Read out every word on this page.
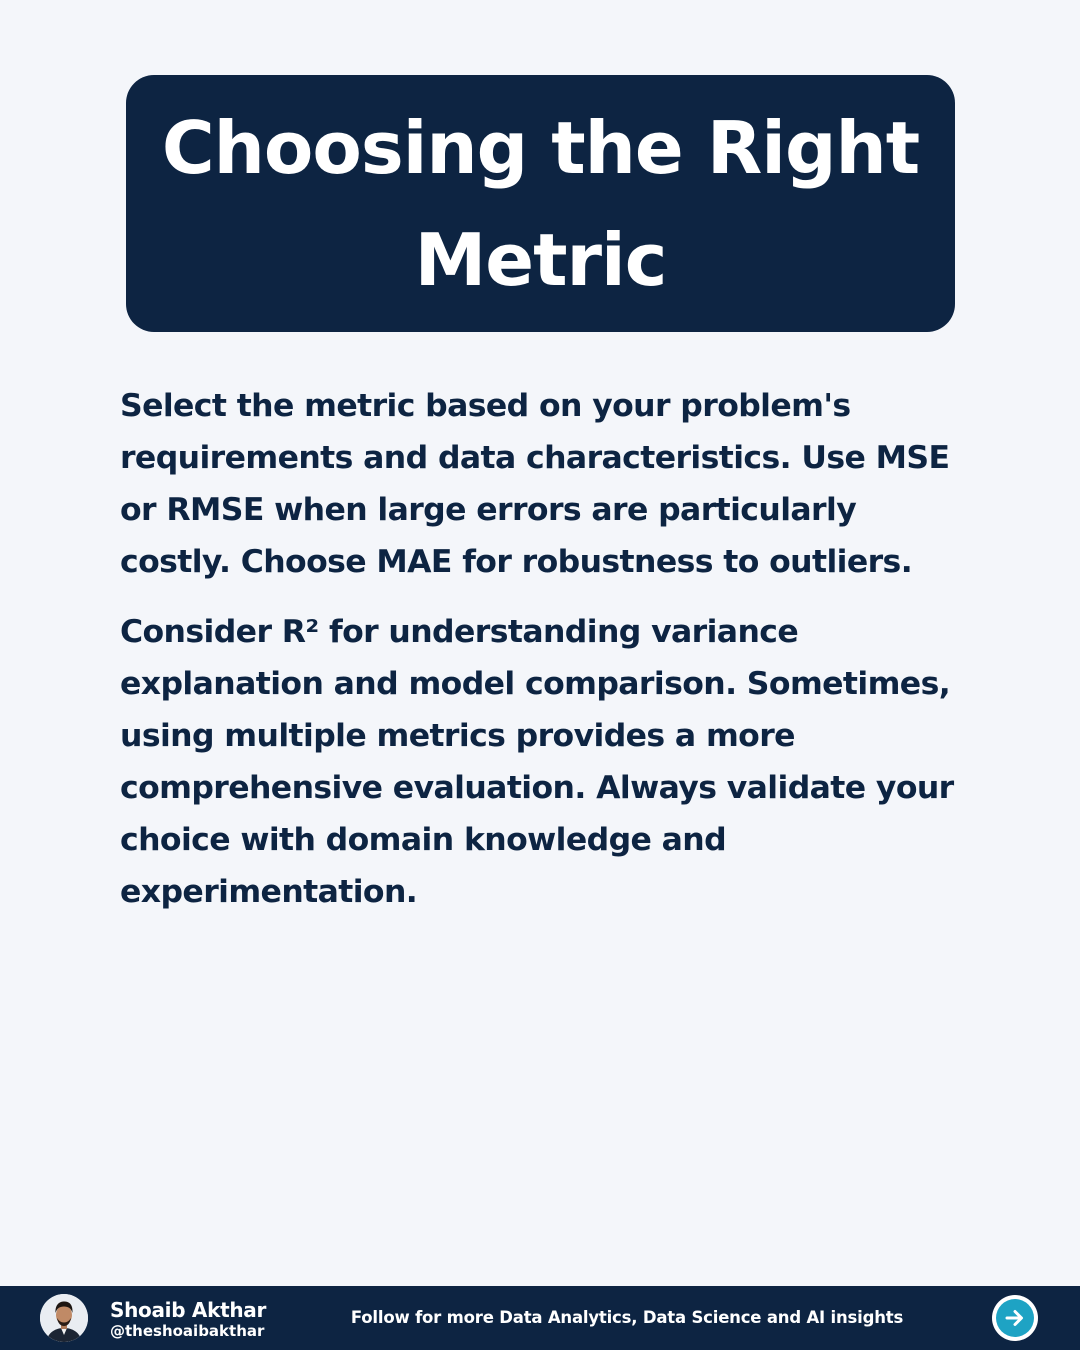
Choosing the Right
Metric

Select the metric based on your problem's requirements and data characteristics. Use MSE or RMSE when large errors are particularly costly. Choose MAE for robustness to outliers.

Consider R² for understanding variance explanation and model comparison. Sometimes, using multiple metrics provides a more comprehensive evaluation. Always validate your choice with domain knowledge and experimentation.

Shoaib Akthar
@theshoaibakthar
Follow for more Data Analytics, Data Science and AI insights
